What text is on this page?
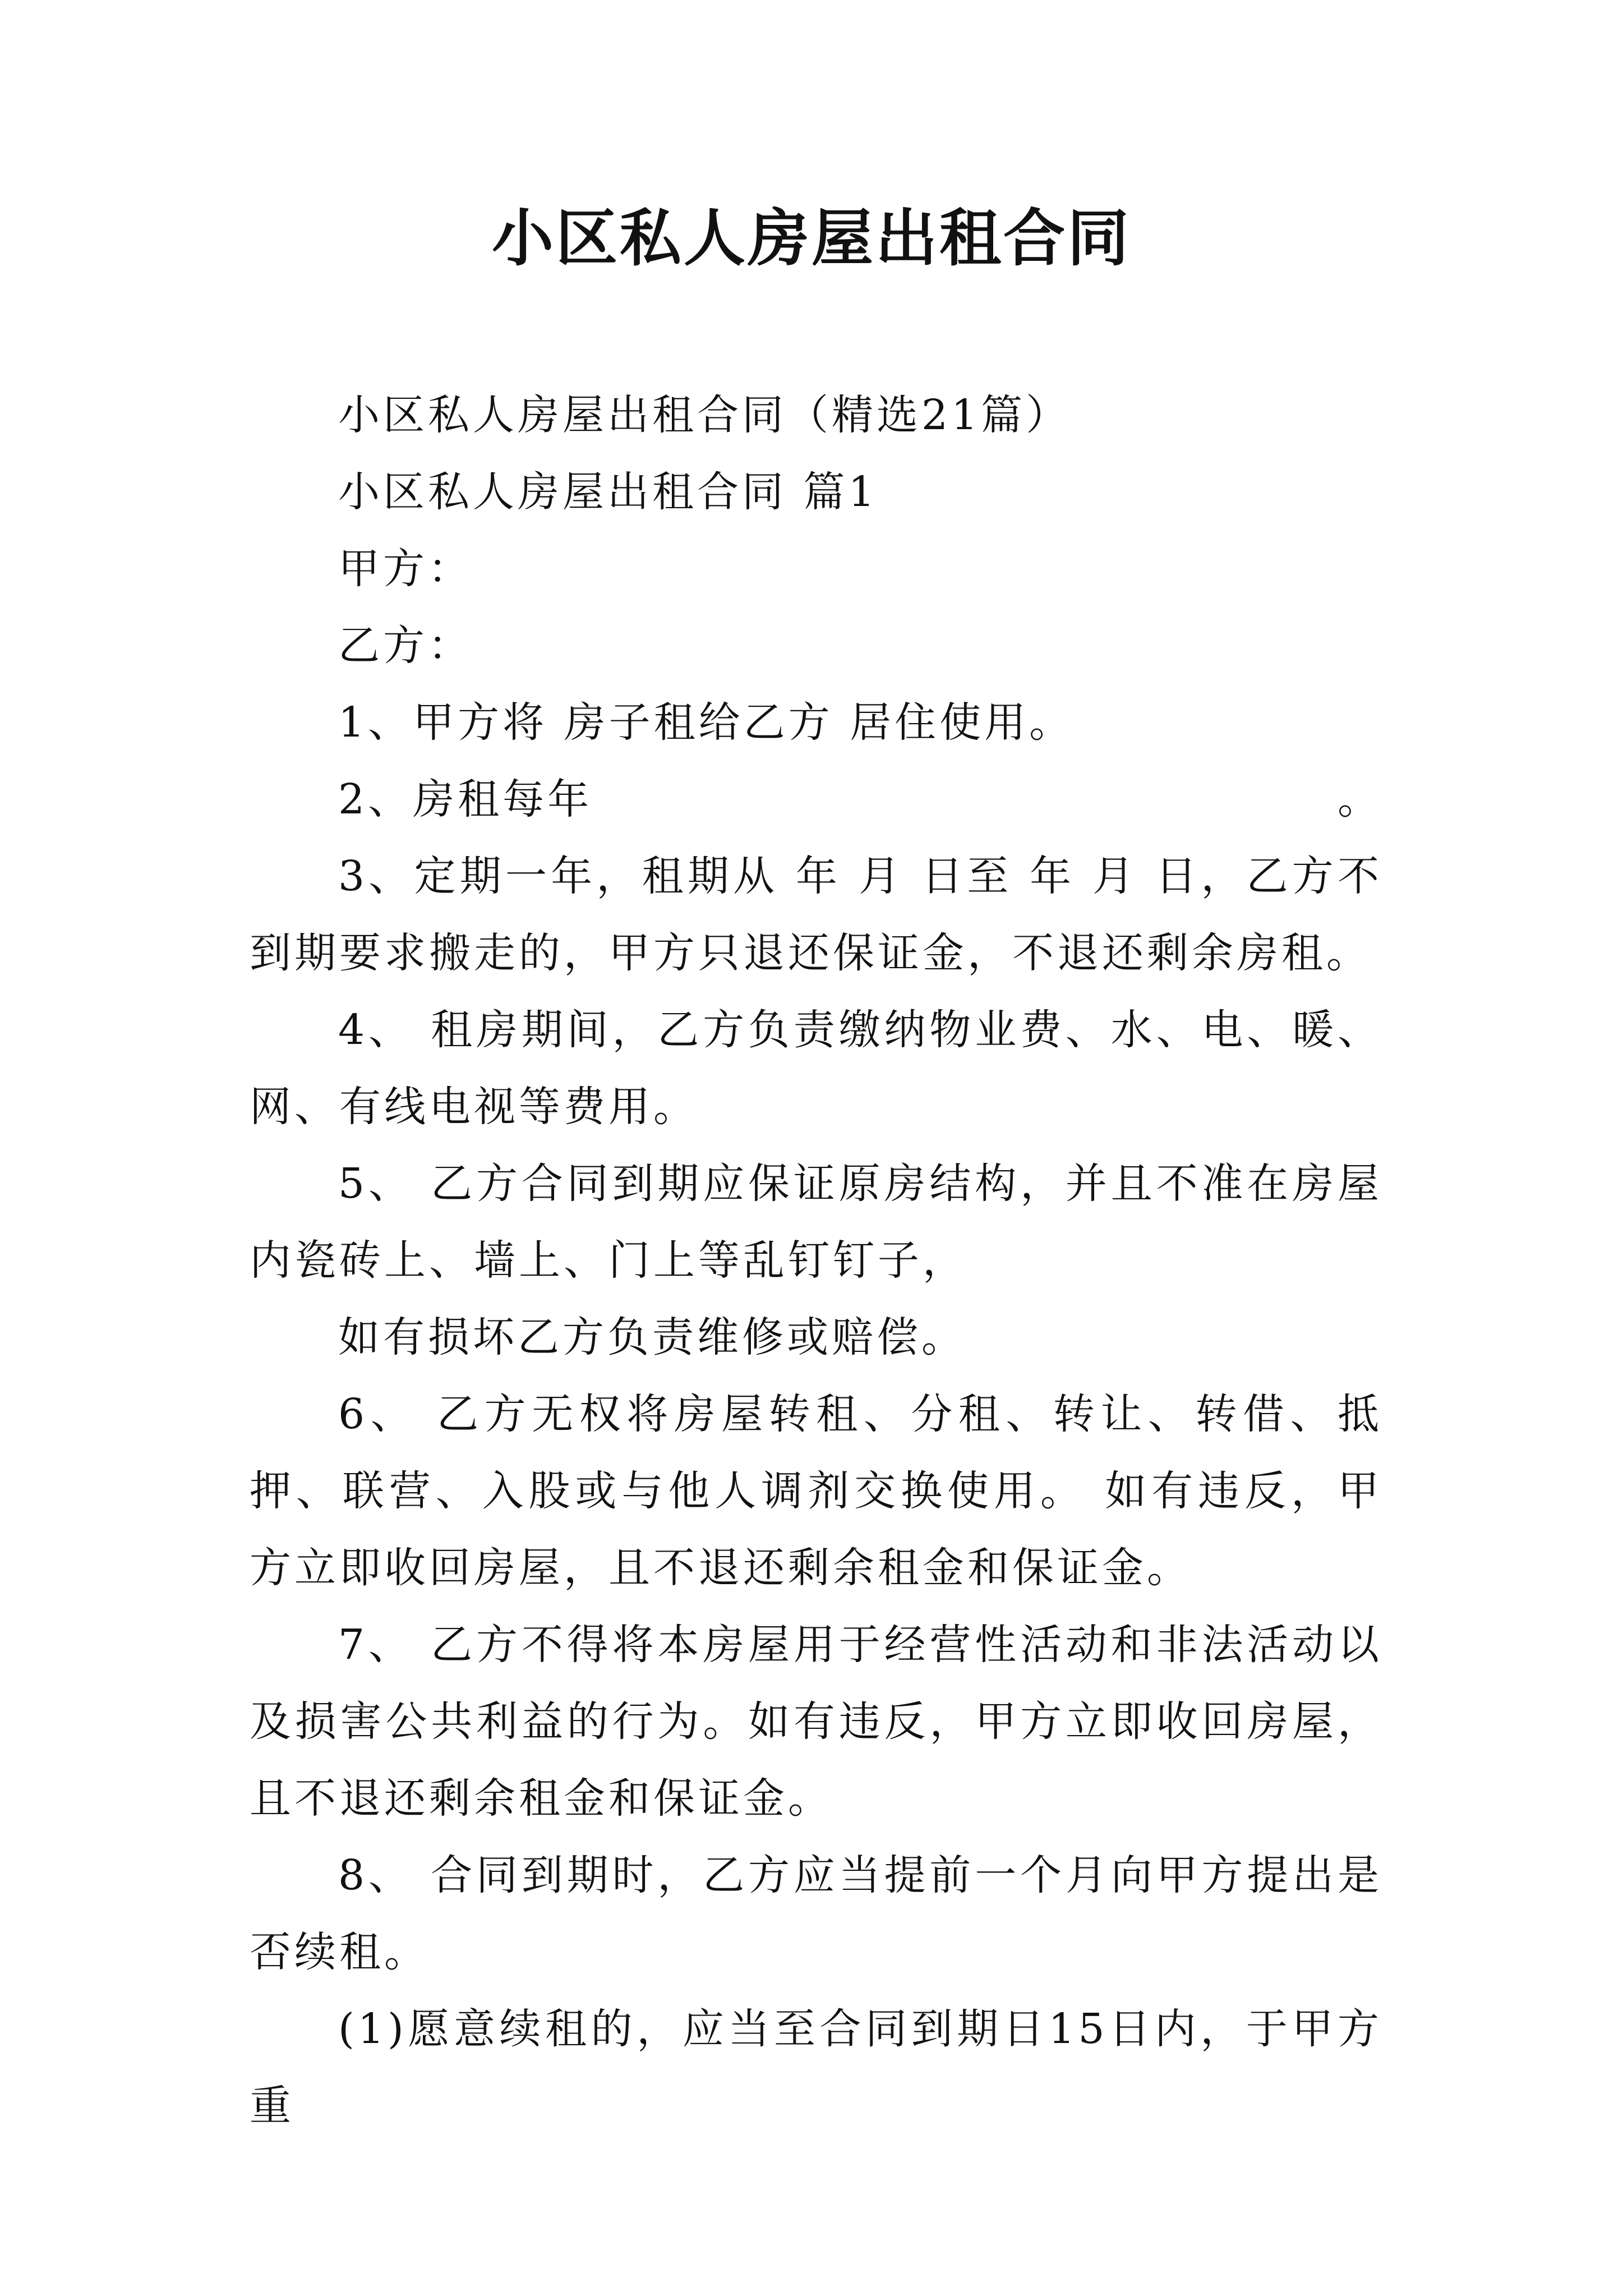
小区私人房屋出租合同

小区私人房屋出租合同（精选21篇）

小区私人房屋出租合同 篇1

甲方：

乙方：

1、甲方将 房子租给乙方 居住使用。

2、房租每年	。

3、定期一年，租期从 年 月 日至 年 月 日，乙方不到期要求搬走的，甲方只退还保证金，不退还剩余房租。

4、 租房期间，乙方负责缴纳物业费、水、电、暖、网、有线电视等费用。

5、 乙方合同到期应保证原房结构，并且不准在房屋内瓷砖上、墙上、门上等乱钉钉子，

如有损坏乙方负责维修或赔偿。

6、 乙方无权将房屋转租、分租、转让、转借、抵押、联营、入股或与他人调剂交换使用。 如有违反，甲方立即收回房屋，且不退还剩余租金和保证金。

7、 乙方不得将本房屋用于经营性活动和非法活动以及损害公共利益的行为。如有违反，甲方立即收回房屋，且不退还剩余租金和保证金。

8、 合同到期时，乙方应当提前一个月向甲方提出是否续租。

(1)愿意续租的，应当至合同到期日15日内，于甲方重
